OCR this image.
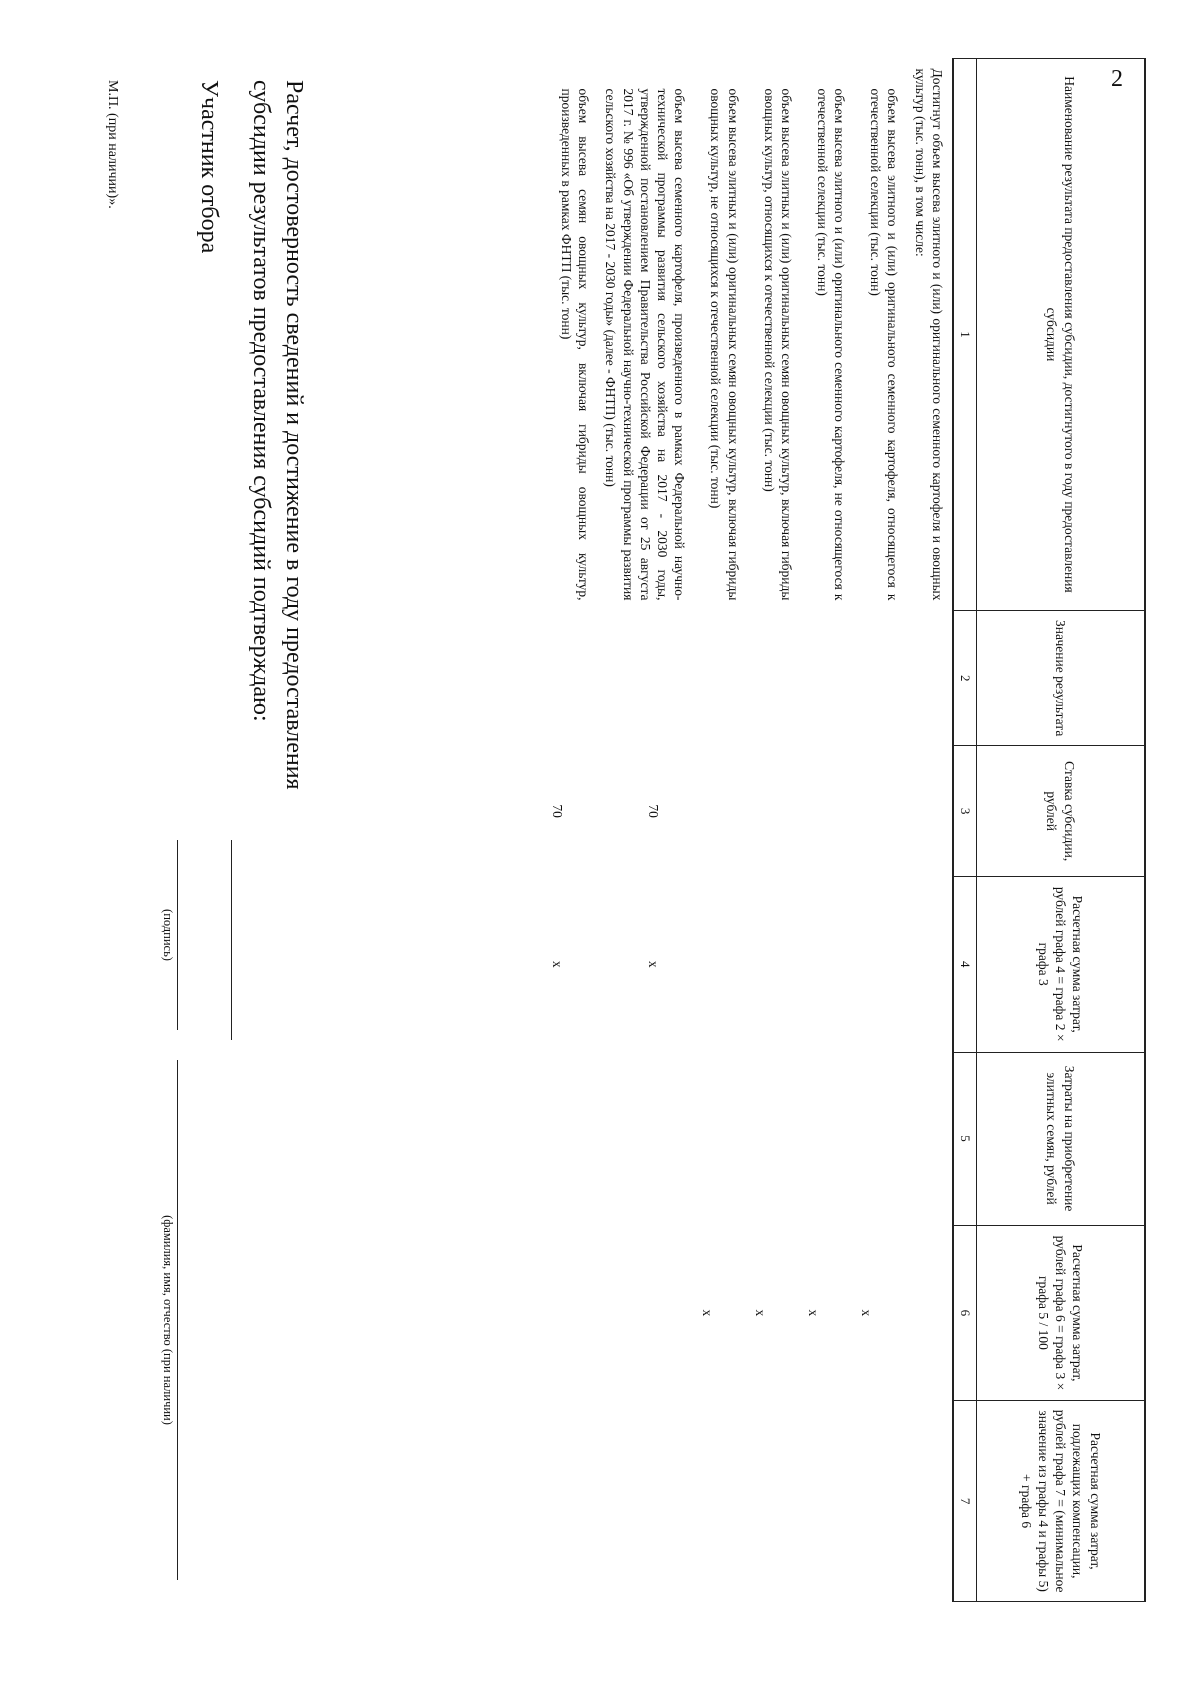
2
Наименование результата предоставления субсидии, достигнутого в году предоставления субсидии	Значение результата	Ставка субсидии, рублей	Расчетная сумма затрат, рублей графа 4 = графа 2 × графа 3	Затраты на приобретение элитных семян, рублей	Расчетная сумма затрат, рублей графа 6 = графа 3 × графа 5 / 100	Расчетная сумма затрат, подлежащих компенсации, рублей графа 7 = (минимальное значение из графы 4 и графы 5) + графа 6
1	2	3	4	5	6	7
Достигнут объем высева элитного и (или) оригинального семенного картофеля и овощных культур (тыс. тонн), в том числе:						
объем высева элитного и (или) оригинального семенного картофеля, относящегося к отечественной селекции (тыс. тонн)					x	
объем высева элитного и (или) оригинального семенного картофеля, не относящегося к отечественной селекции (тыс. тонн)					x	
объем высева элитных и (или) оригинальных семян овощных культур, включая гибриды овощных культур, относящихся к отечественной селекции (тыс. тонн)					x	
объем высева элитных и (или) оригинальных семян овощных культур, включая гибриды овощных культур, не относящихся к отечественной селекции (тыс. тонн)					x	
объем высева семенного картофеля, произведенного в рамках Федеральной научно-технической программы развития сельского хозяйства на 2017 - 2030 годы, утвержденной постановлением Правительства Российской Федерации от 25 августа 2017 г. № 996 «Об утверждении Федеральной научно-технической программы развития сельского хозяйства на 2017 - 2030 годы» (далее - ФНТП) (тыс. тонн)		70	x			
объем высева семян овощных культур, включая гибриды овощных культур, произведенных в рамках ФНТП (тыс. тонн)		70	x			
Расчет, достоверность сведений и достижение в году предоставления
субсидии результатов предоставления субсидий подтверждаю:
Участник отбора
(подпись)
(фамилия, имя, отчество (при наличии)
М.П. (при наличии)».
